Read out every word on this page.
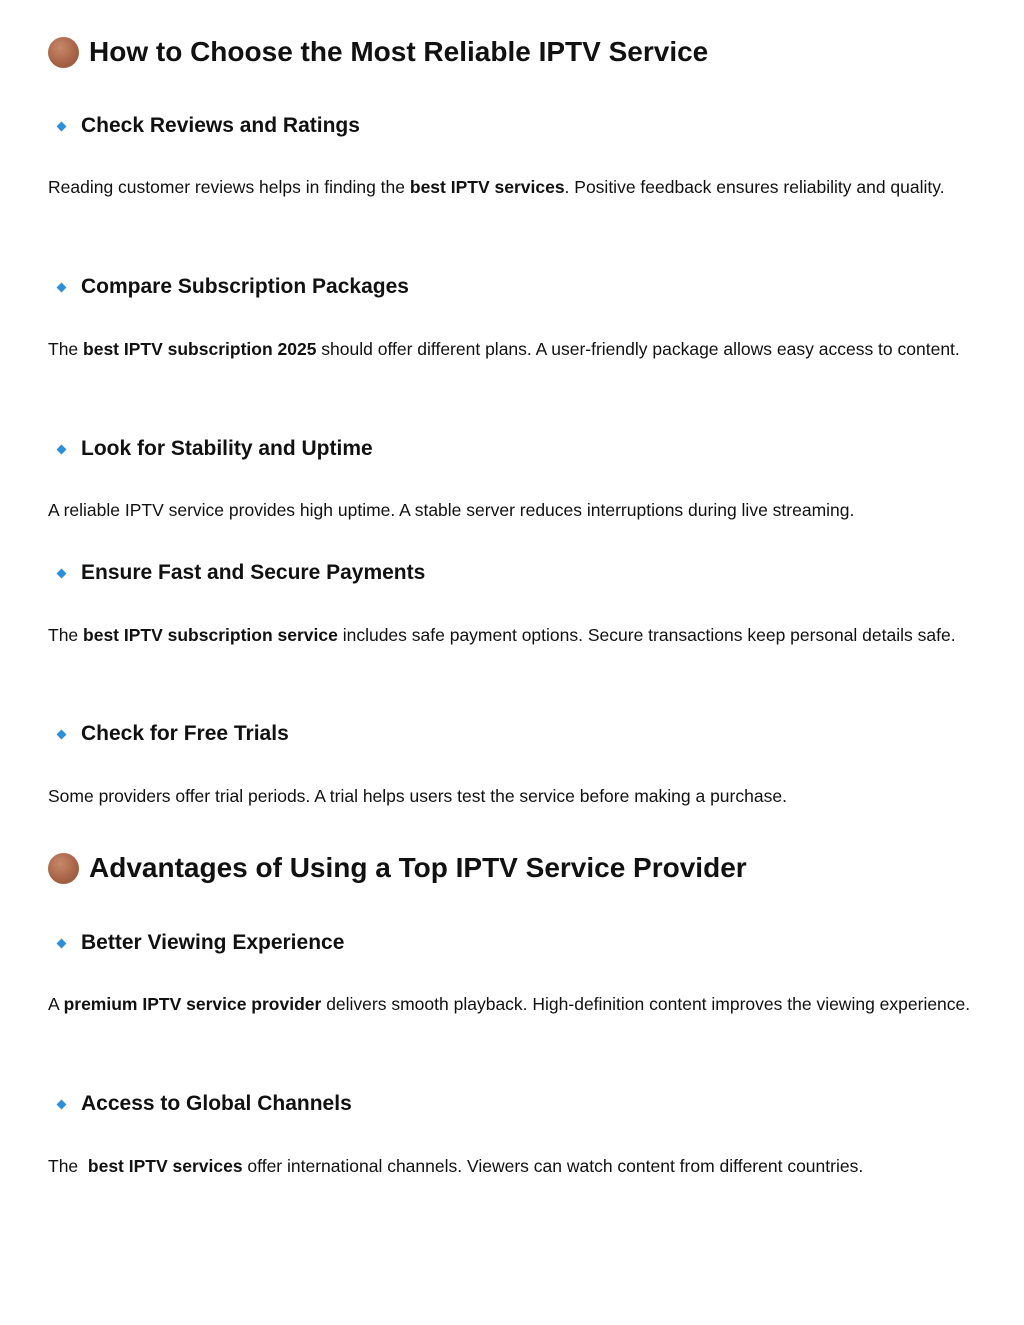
How to Choose the Most Reliable IPTV Service
Check Reviews and Ratings

Reading customer reviews helps in finding the best IPTV services. Positive feedback ensures reliability and quality.

Compare Subscription Packages

The best IPTV subscription 2025 should offer different plans. A user-friendly package allows easy access to content.

Look for Stability and Uptime

A reliable IPTV service provides high uptime. A stable server reduces interruptions during live streaming.

Ensure Fast and Secure Payments

The best IPTV subscription service includes safe payment options. Secure transactions keep personal details safe.

Check for Free Trials

Some providers offer trial periods. A trial helps users test the service before making a purchase.

Advantages of Using a Top IPTV Service Provider
Better Viewing Experience

A premium IPTV service provider delivers smooth playback. High-definition content improves the viewing experience.

Access to Global Channels

The  best IPTV services offer international channels. Viewers can watch content from different countries.
